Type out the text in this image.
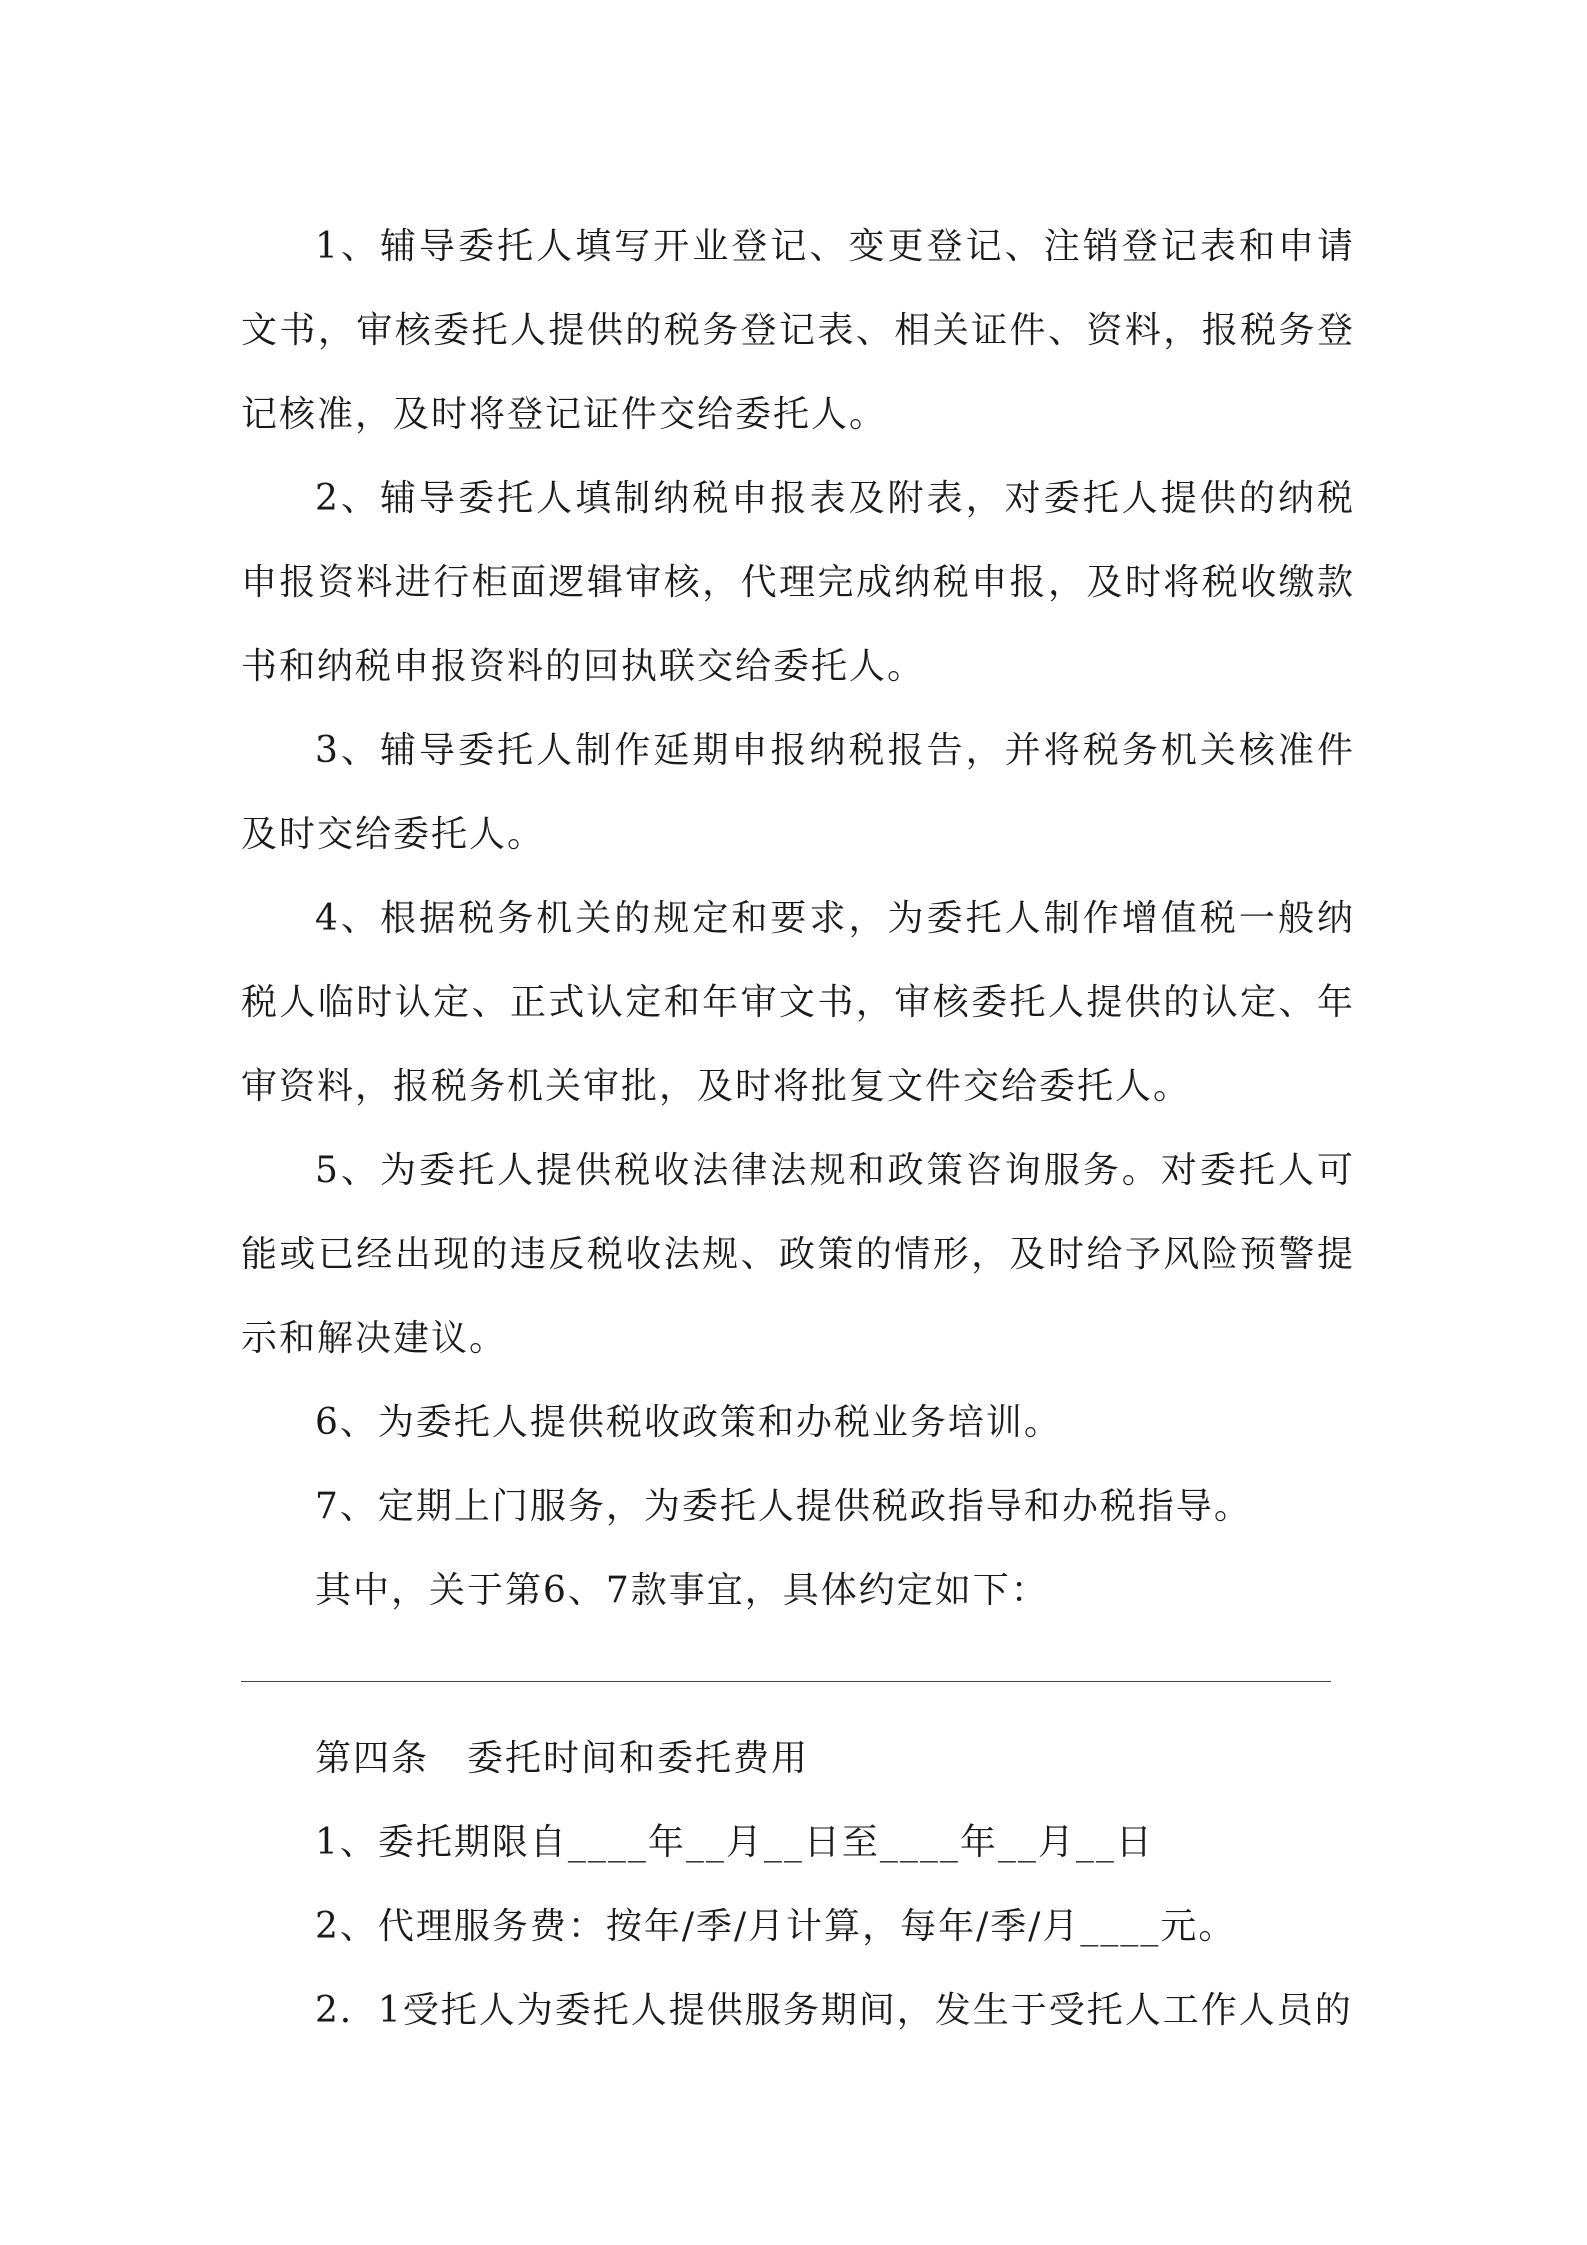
1、辅导委托人填写开业登记、变更登记、注销登记表和申请文书，审核委托人提供的税务登记表、相关证件、资料，报税务登记核准，及时将登记证件交给委托人。

2、辅导委托人填制纳税申报表及附表，对委托人提供的纳税申报资料进行柜面逻辑审核，代理完成纳税申报，及时将税收缴款书和纳税申报资料的回执联交给委托人。

3、辅导委托人制作延期申报纳税报告，并将税务机关核准件及时交给委托人。

4、根据税务机关的规定和要求，为委托人制作增值税一般纳税人临时认定、正式认定和年审文书，审核委托人提供的认定、年审资料，报税务机关审批，及时将批复文件交给委托人。

5、为委托人提供税收法律法规和政策咨询服务。对委托人可能或已经出现的违反税收法规、政策的情形，及时给予风险预警提示和解决建议。

6、为委托人提供税收政策和办税业务培训。

7、定期上门服务，为委托人提供税政指导和办税指导。

其中，关于第6、7款事宜，具体约定如下：

第四条　委托时间和委托费用

1、委托期限自____年__月__日至____年__月__日

2、代理服务费：按年/季/月计算，每年/季/月____元。

2．1受托人为委托人提供服务期间，发生于受托人工作人员的
